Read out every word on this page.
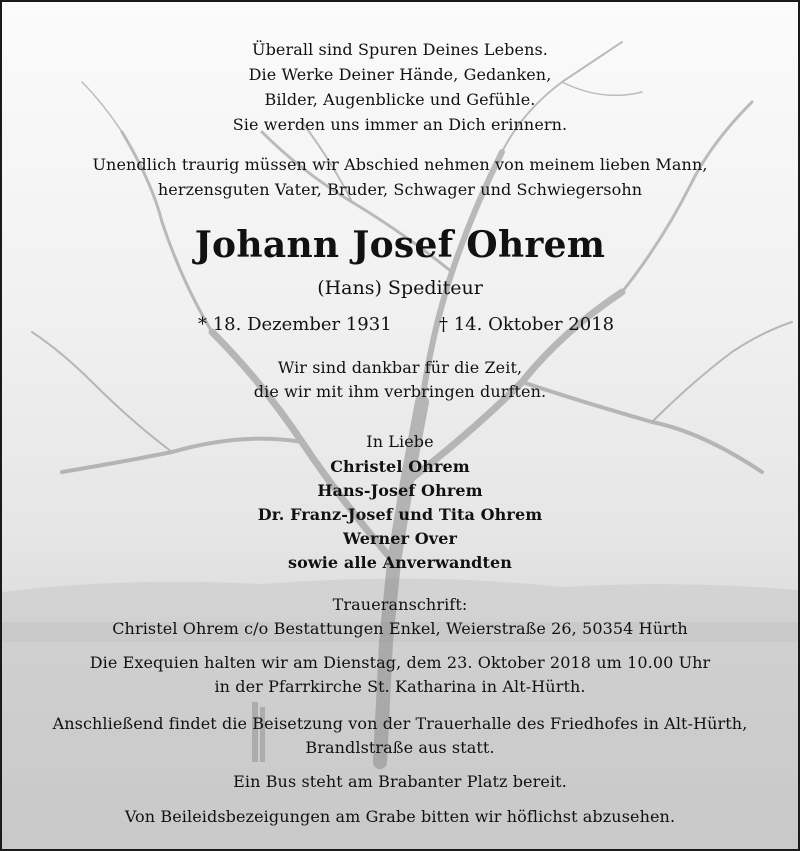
Überall sind Spuren Deines Lebens.
Die Werke Deiner Hände, Gedanken,
Bilder, Augenblicke und Gefühle.
Sie werden uns immer an Dich erinnern.
Unendlich traurig müssen wir Abschied nehmen von meinem lieben Mann,
herzensguten Vater, Bruder, Schwager und Schwiegersohn
Johann Josef Ohrem
(Hans) Spediteur
* 18. Dezember 1931	† 14. Oktober 2018
Wir sind dankbar für die Zeit,
die wir mit ihm verbringen durften.
In Liebe
Christel Ohrem
Hans-Josef Ohrem
Dr. Franz-Josef und Tita Ohrem
Werner Over
sowie alle Anverwandten
Traueranschrift:
Christel Ohrem c/o Bestattungen Enkel, Weierstraße 26, 50354 Hürth
Die Exequien halten wir am Dienstag, dem 23. Oktober 2018 um 10.00 Uhr
in der Pfarrkirche St. Katharina in Alt-Hürth.
Anschließend findet die Beisetzung von der Trauerhalle des Friedhofes in Alt-Hürth,
Brandlstraße aus statt.
Ein Bus steht am Brabanter Platz bereit.
Von Beileidsbezeigungen am Grabe bitten wir höflichst abzusehen.
